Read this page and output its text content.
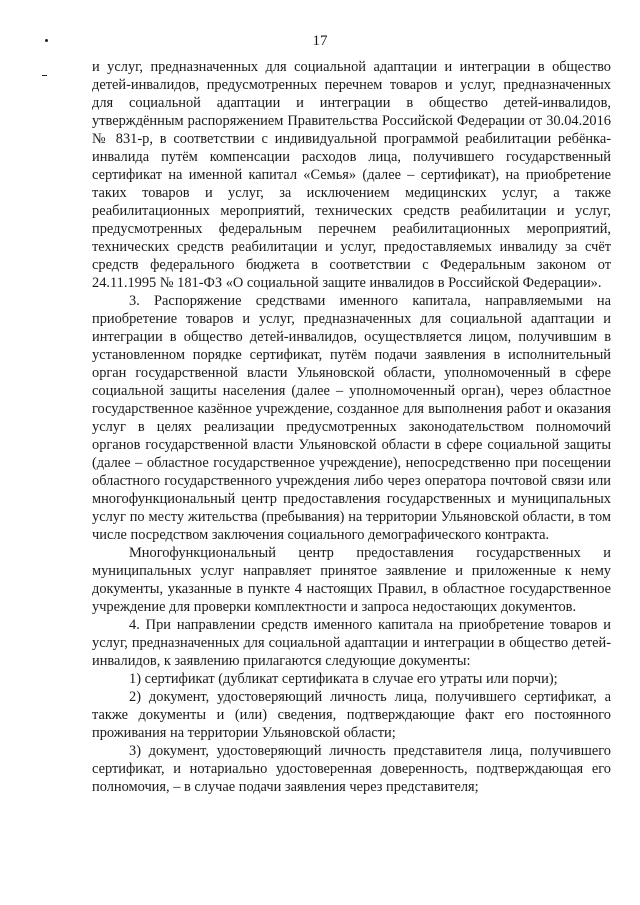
17

и услуг, предназначенных для социальной адаптации и интеграции в общество детей-инвалидов, предусмотренных перечнем товаров и услуг, предназначенных для социальной адаптации и интеграции в общество детей-инвалидов, утверждённым распоряжением Правительства Российской Федерации от 30.04.2016 № 831-р, в соответствии с индивидуальной программой реабилитации ребёнка-инвалида путём компенсации расходов лица, получившего государственный сертификат на именной капитал «Семья» (далее – сертификат), на приобретение таких товаров и услуг, за исключением медицинских услуг, а также реабилитационных мероприятий, технических средств реабилитации и услуг, предусмотренных федеральным перечнем реабилитационных мероприятий, технических средств реабилитации и услуг, предоставляемых инвалиду за счёт средств федерального бюджета в соответствии с Федеральным законом от 24.11.1995 № 181-ФЗ «О социальной защите инвалидов в Российской Федерации».

3. Распоряжение средствами именного капитала, направляемыми на приобретение товаров и услуг, предназначенных для социальной адаптации и интеграции в общество детей-инвалидов, осуществляется лицом, получившим в установленном порядке сертификат, путём подачи заявления в исполнительный орган государственной власти Ульяновской области, уполномоченный в сфере социальной защиты населения (далее – уполномоченный орган), через областное государственное казённое учреждение, созданное для выполнения работ и оказания услуг в целях реализации предусмотренных законодательством полномочий органов государственной власти Ульяновской области в сфере социальной защиты (далее – областное государственное учреждение), непосредственно при посещении областного государственного учреждения либо через оператора почтовой связи или многофункциональный центр предоставления государственных и муниципальных услуг по месту жительства (пребывания) на территории Ульяновской области, в том числе посредством заключения социального демографического контракта.

Многофункциональный центр предоставления государственных и муниципальных услуг направляет принятое заявление и приложенные к нему документы, указанные в пункте 4 настоящих Правил, в областное государственное учреждение для проверки комплектности и запроса недостающих документов.

4. При направлении средств именного капитала на приобретение товаров и услуг, предназначенных для социальной адаптации и интеграции в общество детей-инвалидов, к заявлению прилагаются следующие документы:

1) сертификат (дубликат сертификата в случае его утраты или порчи);

2) документ, удостоверяющий личность лица, получившего сертификат, а также документы и (или) сведения, подтверждающие факт его постоянного проживания на территории Ульяновской области;

3) документ, удостоверяющий личность представителя лица, получившего сертификат, и нотариально удостоверенная доверенность, подтверждающая его полномочия, – в случае подачи заявления через представителя;
